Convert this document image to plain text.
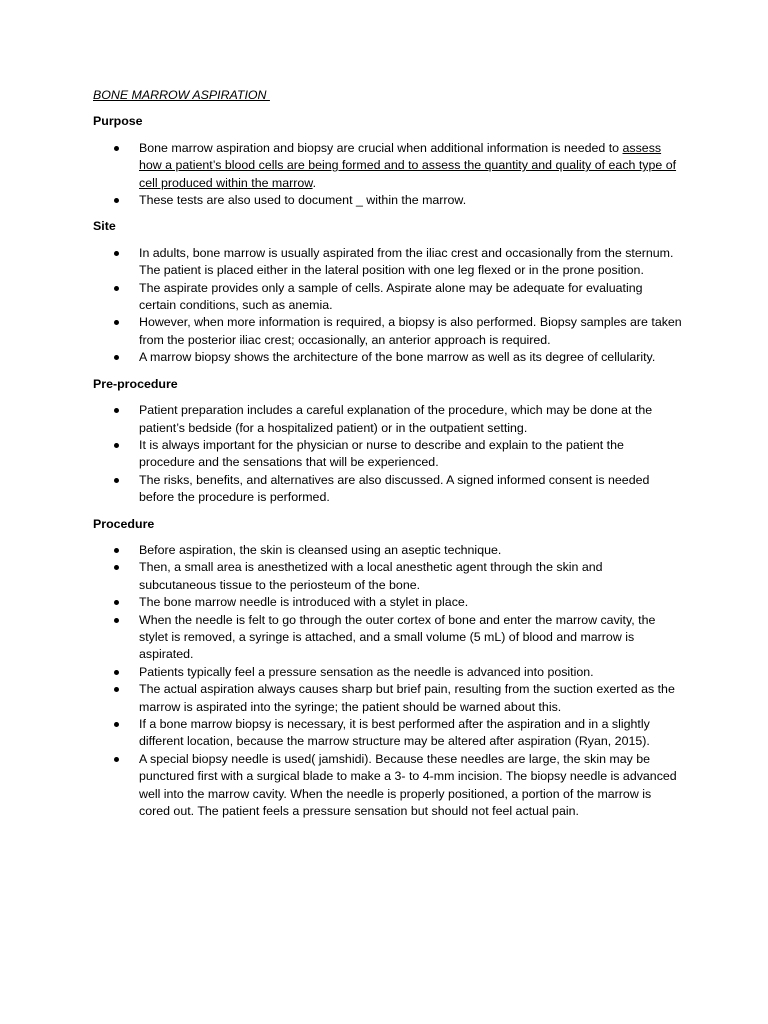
BONE MARROW ASPIRATION
Purpose
Bone marrow aspiration and biopsy are crucial when additional information is needed to assess how a patient’s blood cells are being formed and to assess the quantity and quality of each type of cell produced within the marrow.
These tests are also used to document _ within the marrow.
Site
In adults, bone marrow is usually aspirated from the iliac crest and occasionally from the sternum. The patient is placed either in the lateral position with one leg flexed or in the prone position.
The aspirate provides only a sample of cells. Aspirate alone may be adequate for evaluating certain conditions, such as anemia.
However, when more information is required, a biopsy is also performed. Biopsy samples are taken from the posterior iliac crest; occasionally, an anterior approach is required.
A marrow biopsy shows the architecture of the bone marrow as well as its degree of cellularity.
Pre-procedure
Patient preparation includes a careful explanation of the procedure, which may be done at the patient’s bedside (for a hospitalized patient) or in the outpatient setting.
It is always important for the physician or nurse to describe and explain to the patient the procedure and the sensations that will be experienced.
The risks, benefits, and alternatives are also discussed. A signed informed consent is needed before the procedure is performed.
Procedure
Before aspiration, the skin is cleansed using an aseptic technique.
Then, a small area is anesthetized with a local anesthetic agent through the skin and subcutaneous tissue to the periosteum of the bone.
The bone marrow needle is introduced with a stylet in place.
When the needle is felt to go through the outer cortex of bone and enter the marrow cavity, the stylet is removed, a syringe is attached, and a small volume (5 mL) of blood and marrow is aspirated.
Patients typically feel a pressure sensation as the needle is advanced into position.
The actual aspiration always causes sharp but brief pain, resulting from the suction exerted as the marrow is aspirated into the syringe; the patient should be warned about this.
If a bone marrow biopsy is necessary, it is best performed after the aspiration and in a slightly different location, because the marrow structure may be altered after aspiration (Ryan, 2015).
A special biopsy needle is used( jamshidi). Because these needles are large, the skin may be punctured first with a surgical blade to make a 3- to 4-mm incision. The biopsy needle is advanced well into the marrow cavity. When the needle is properly positioned, a portion of the marrow is cored out. The patient feels a pressure sensation but should not feel actual pain.
